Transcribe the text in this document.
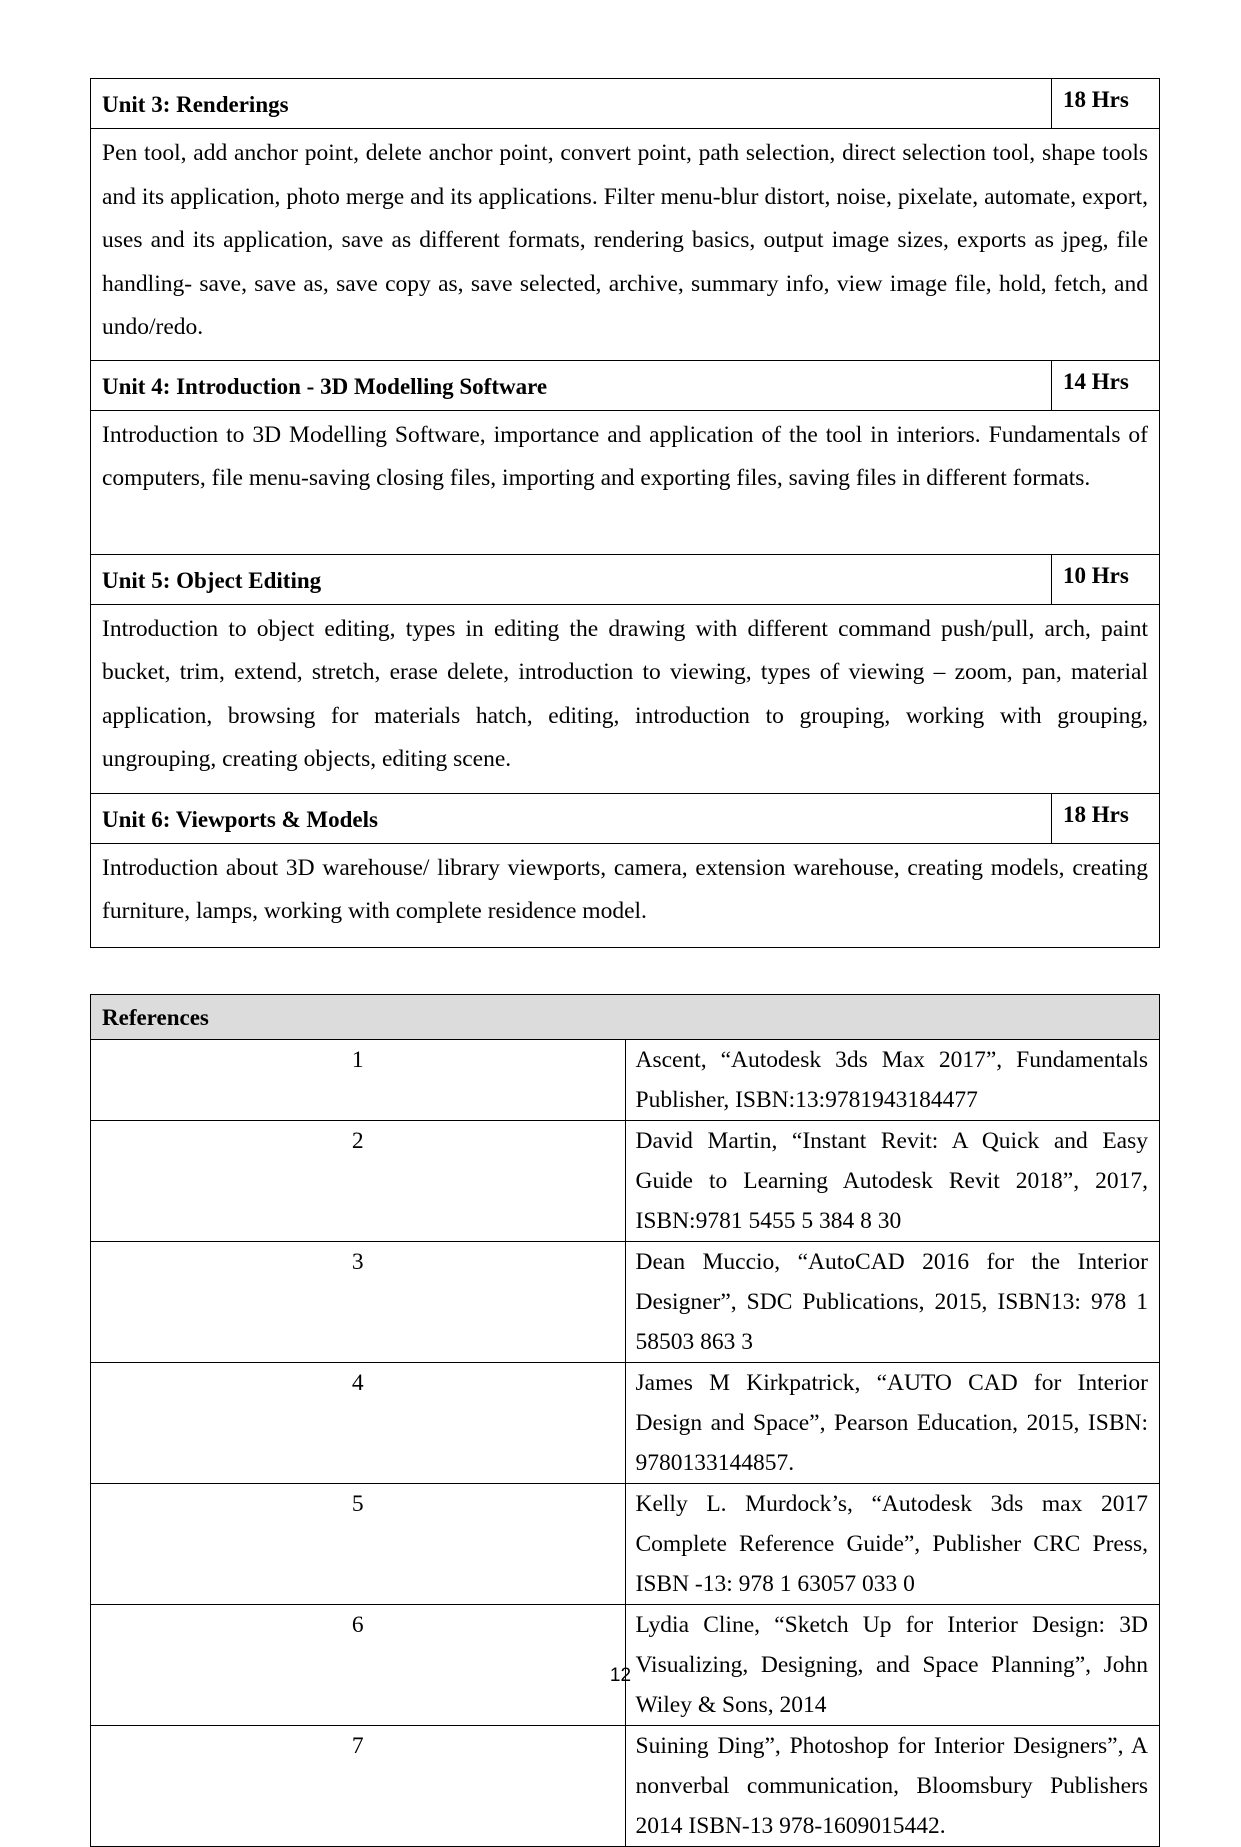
Unit 3: Renderings	18 Hrs
Pen tool, add anchor point, delete anchor point, convert point, path selection, direct selection tool, shape tools and its application, photo merge and its applications. Filter menu-blur distort, noise, pixelate, automate, export, uses and its application, save as different formats, rendering basics, output image sizes, exports as jpeg, file handling- save, save as, save copy as, save selected, archive, summary info, view image file, hold, fetch, and undo/redo.	
Unit 4: Introduction - 3D Modelling Software	14 Hrs
Introduction to 3D Modelling Software, importance and application of the tool in interiors. Fundamentals of computers, file menu-saving closing files, importing and exporting files, saving files in different formats.	
Unit 5: Object Editing	10 Hrs
Introduction to object editing, types in editing the drawing with different command push/pull, arch, paint bucket, trim, extend, stretch, erase delete, introduction to viewing, types of viewing – zoom, pan, material application, browsing for materials hatch, editing, introduction to grouping, working with grouping, ungrouping, creating objects, editing scene.	
Unit 6: Viewports & Models	18 Hrs
Introduction about 3D warehouse/ library viewports, camera, extension warehouse, creating models, creating furniture, lamps, working with complete residence model.	
References	
1	Ascent, “Autodesk 3ds Max 2017”, Fundamentals Publisher, ISBN:13:9781943184477
2	David Martin, “Instant Revit: A Quick and Easy Guide to Learning Autodesk Revit 2018”, 2017, ISBN:9781 5455 5 384 8 30
3	Dean Muccio, “AutoCAD 2016 for the Interior Designer”, SDC Publications, 2015, ISBN13: 978 1 58503 863 3
4	James M Kirkpatrick, “AUTO CAD for Interior Design and Space”, Pearson Education, 2015, ISBN: 9780133144857.
5	Kelly L. Murdock’s, “Autodesk 3ds max 2017 Complete Reference Guide”, Publisher CRC Press, ISBN -13: 978 1 63057 033 0
6	Lydia Cline, “Sketch Up for Interior Design: 3D Visualizing, Designing, and Space Planning”, John Wiley & Sons, 2014
7	Suining Ding”, Photoshop for Interior Designers”, A nonverbal communication, Bloomsbury Publishers 2014 ISBN-13 978-1609015442.
12
